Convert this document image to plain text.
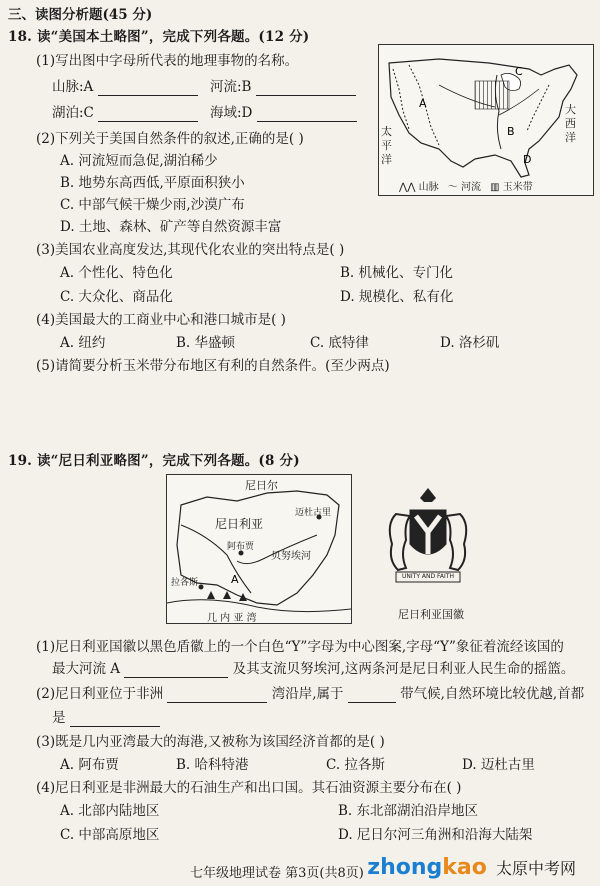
三、读图分析题(45 分)
18. 读“美国本土略图”，完成下列各题。(12 分)
(1)写出图中字母所代表的地理事物的名称。
山脉:A	河流:B
湖泊:C	海域:D
(2)下列关于美国自然条件的叙述,正确的是( )
A. 河流短而急促,湖泊稀少
B. 地势东高西低,平原面积狭小
C. 中部气候干燥少雨,沙漠广布
D. 土地、森林、矿产等自然资源丰富
(3)美国农业高度发达,其现代化农业的突出特点是( )
A. 个性化、特色化	B. 机械化、专门化
C. 大众化、商品化	D. 规模化、私有化
(4)美国最大的工商业中心和港口城市是( )
A. 纽约	B. 华盛顿	C. 底特律	D. 洛杉矶
(5)请简要分析玉米带分布地区有利的自然条件。(至少两点)
A
B
C
D
大西洋
太平洋
⋀⋀ 山脉 ～ 河流 ▥ 玉米带
19. 读“尼日利亚略图”，完成下列各题。(8 分)
A
尼日尔
尼日利亚
迈杜古里
阿布贾
贝努埃河
拉各斯
几 内 亚 湾
UNITY AND FAITH
尼日利亚国徽
(1)尼日利亚国徽以黑色盾徽上的一个白色“Y”字母为中心图案,字母“Y”象征着流经该国的
最大河流 A	及其支流贝努埃河,这两条河是尼日利亚人民生命的摇篮。
(2)尼日利亚位于非洲	湾沿岸,属于	带气候,自然环境比较优越,首都
是
(3)既是几内亚湾最大的海港,又被称为该国经济首都的是( )
A. 阿布贾	B. 哈科特港	C. 拉各斯	D. 迈杜古里
(4)尼日利亚是非洲最大的石油生产和出口国。其石油资源主要分布在( )
A. 北部内陆地区	B. 东北部湖泊沿岸地区
C. 中部高原地区	D. 尼日尔河三角洲和沿海大陆架
七年级地理试卷 第3页(共8页) zhongkao 太原中考网
